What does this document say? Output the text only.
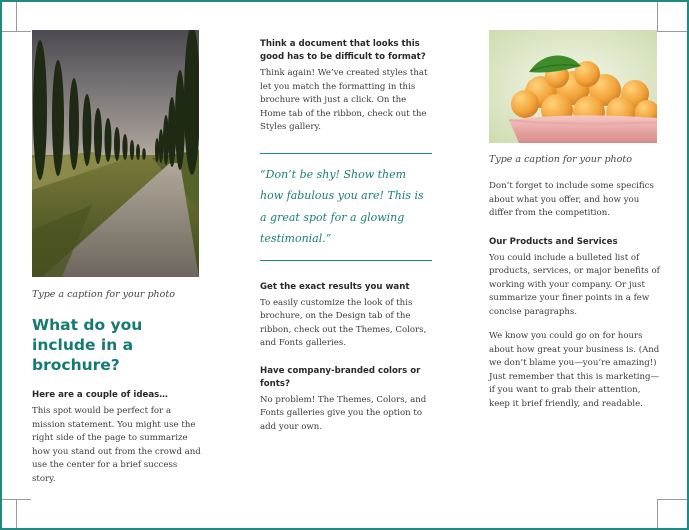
Type a caption for your photo

What do you include in a brochure?

Here are a couple of ideas…

This spot would be perfect for a mission statement. You might use the right side of the page to summarize how you stand out from the crowd and use the center for a brief success story.

Think a document that looks this good has to be difficult to format?

Think again! We’ve created styles that let you match the formatting in this brochure with just a click. On the Home tab of the ribbon, check out the Styles gallery.

“Don’t be shy! Show them how fabulous you are! This is a great spot for a glowing testimonial.”

Get the exact results you want

To easily customize the look of this brochure, on the Design tab of the ribbon, check out the Themes, Colors, and Fonts galleries.

Have company-branded colors or fonts?

No problem! The Themes, Colors, and Fonts galleries give you the option to add your own.

Type a caption for your photo

Don’t forget to include some specifics about what you offer, and how you differ from the competition.

Our Products and Services

You could include a bulleted list of products, services, or major benefits of working with your company. Or just summarize your finer points in a few concise paragraphs.

We know you could go on for hours about how great your business is. (And we don’t blame you—you’re amazing!) Just remember that this is marketing—if you want to grab their attention, keep it brief friendly, and readable.
